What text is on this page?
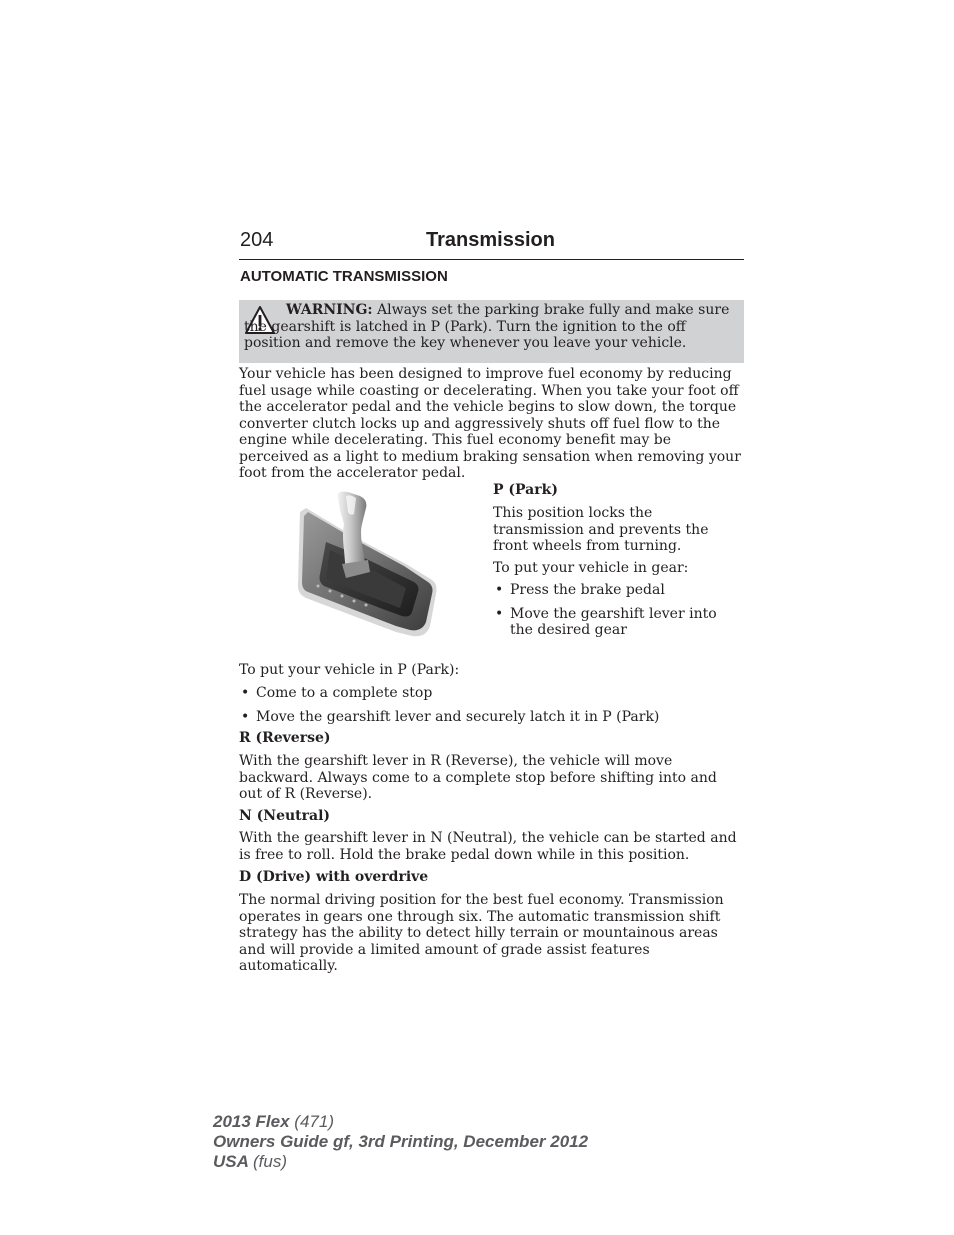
204	Transmission
AUTOMATIC TRANSMISSION

WARNING: Always set the parking brake fully and make sure the gearshift is latched in P (Park). Turn the ignition to the off position and remove the key whenever you leave your vehicle.

Your vehicle has been designed to improve fuel economy by reducing fuel usage while coasting or decelerating. When you take your foot off the accelerator pedal and the vehicle begins to slow down, the torque converter clutch locks up and aggressively shuts off fuel flow to the engine while decelerating. This fuel economy benefit may be perceived as a light to medium braking sensation when removing your foot from the accelerator pedal.

P (Park)

This position locks the transmission and prevents the front wheels from turning.

To put your vehicle in gear:

• Press the brake pedal
• Move the gearshift lever into the desired gear

To put your vehicle in P (Park):

• Come to a complete stop
• Move the gearshift lever and securely latch it in P (Park)

R (Reverse)

With the gearshift lever in R (Reverse), the vehicle will move backward. Always come to a complete stop before shifting into and out of R (Reverse).

N (Neutral)

With the gearshift lever in N (Neutral), the vehicle can be started and is free to roll. Hold the brake pedal down while in this position.

D (Drive) with overdrive

The normal driving position for the best fuel economy. Transmission operates in gears one through six. The automatic transmission shift strategy has the ability to detect hilly terrain or mountainous areas and will provide a limited amount of grade assist features automatically.

2013 Flex (471)
Owners Guide gf, 3rd Printing, December 2012
USA (fus)
